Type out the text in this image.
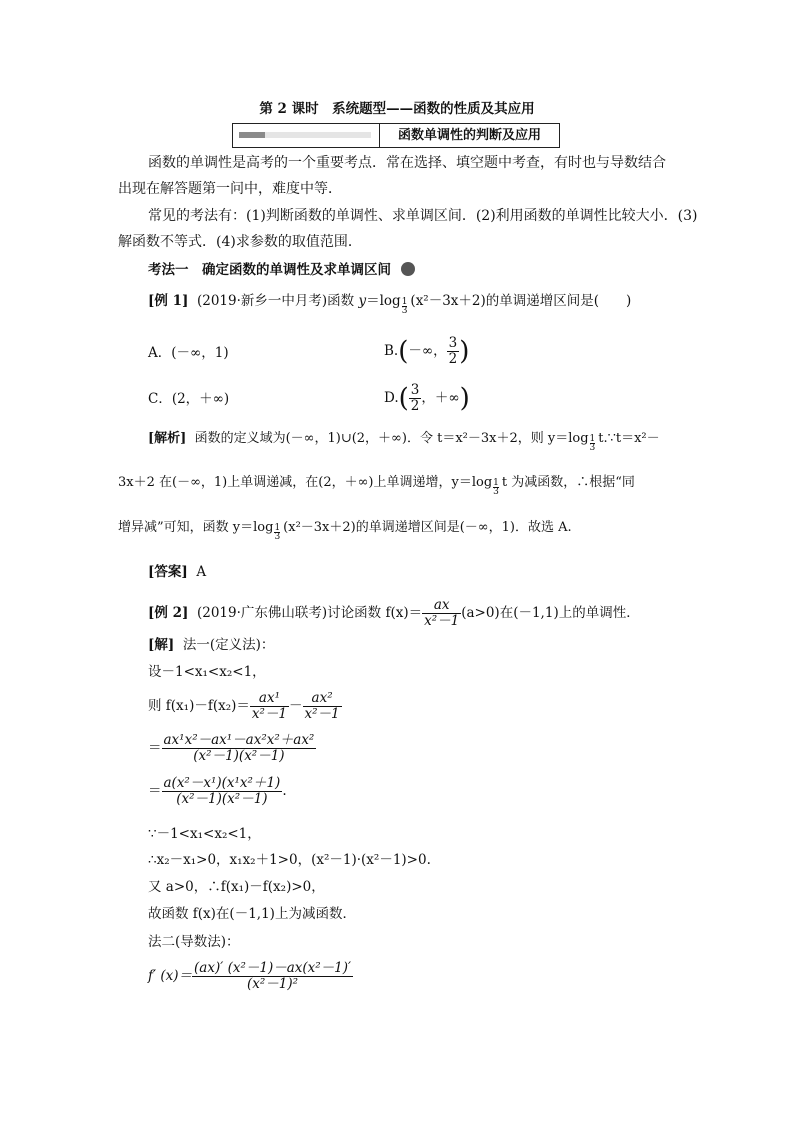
第 2 课时　系统题型——函数的性质及其应用
函数单调性的判断及应用
函数的单调性是高考的一个重要考点．常在选择、填空题中考查，有时也与导数结合
出现在解答题第一问中，难度中等．
常见的考法有：(1)判断函数的单调性、求单调区间．(2)利用函数的单调性比较大小．(3)
解函数不等式．(4)求参数的取值范围．
考法一　确定函数的单调性及求单调区间
[例 1] (2019·新乡一中月考)函数 $y=\log \frac{1}{3} (x^2-3x+2)$的单调递增区间是(　　)
A．(－∞，1)	B.(－∞， $\frac{3}{2}$ )
C．(2，＋∞)	$D.( \frac{3}{2}$ ，＋∞)
[解析] 函数的定义域为(－∞，1)∪(2，＋∞)．令 t＝x²－3x＋2，则 $y=\log \frac{1}{3}$ t.∵t＝x²－
3x＋2 在(－∞，1)上单调递减，在(2，＋∞)上单调递增，$y=\log \frac{1}{3}$ t 为减函数，∴根据“同
增异减”可知，函数 $y=\log \frac{1}{3} (x^2-3x+2)$的单调递增区间是(－∞，1)．故选 A.
[答案] A
[例 2] (2019·广东佛山联考)讨论函数 $f(x)= \frac{ax}{\text{x²－1}} (a>0)$在(－1,1)上的单调性．
[解] 法一(定义法)：
设－1<x₁<x₂<1，
则 $f(x_1)-f(x_2)= \frac{\text{ax¹}}{\text{x²－1}} - \frac{\text{ax²}}{\text{x²－1}}$
＝ $\frac{\text{ax¹x²－ax¹－ax²x²＋ax²}}{\text{(x²－1)(x²－1)}}$
＝ $\frac{\text{a(x²－x¹)(x¹x²＋1)}}{\text{(x²－1)(x²－1)}}$ .
∵－1<x₁<x₂<1，
∴x₂－x₁>0，x₁x₂＋1>0，(x²－1)·(x²－1)>0.
又 a>0，∴f(x₁)－f(x₂)>0，
故函数 f(x)在(－1,1)上为减函数．
法二(导数法)：
f′ $(x)= \frac{\text{(ax)′ (x²－1)－ax(x²－1)′}}{\text{(x²－1)²}}$
